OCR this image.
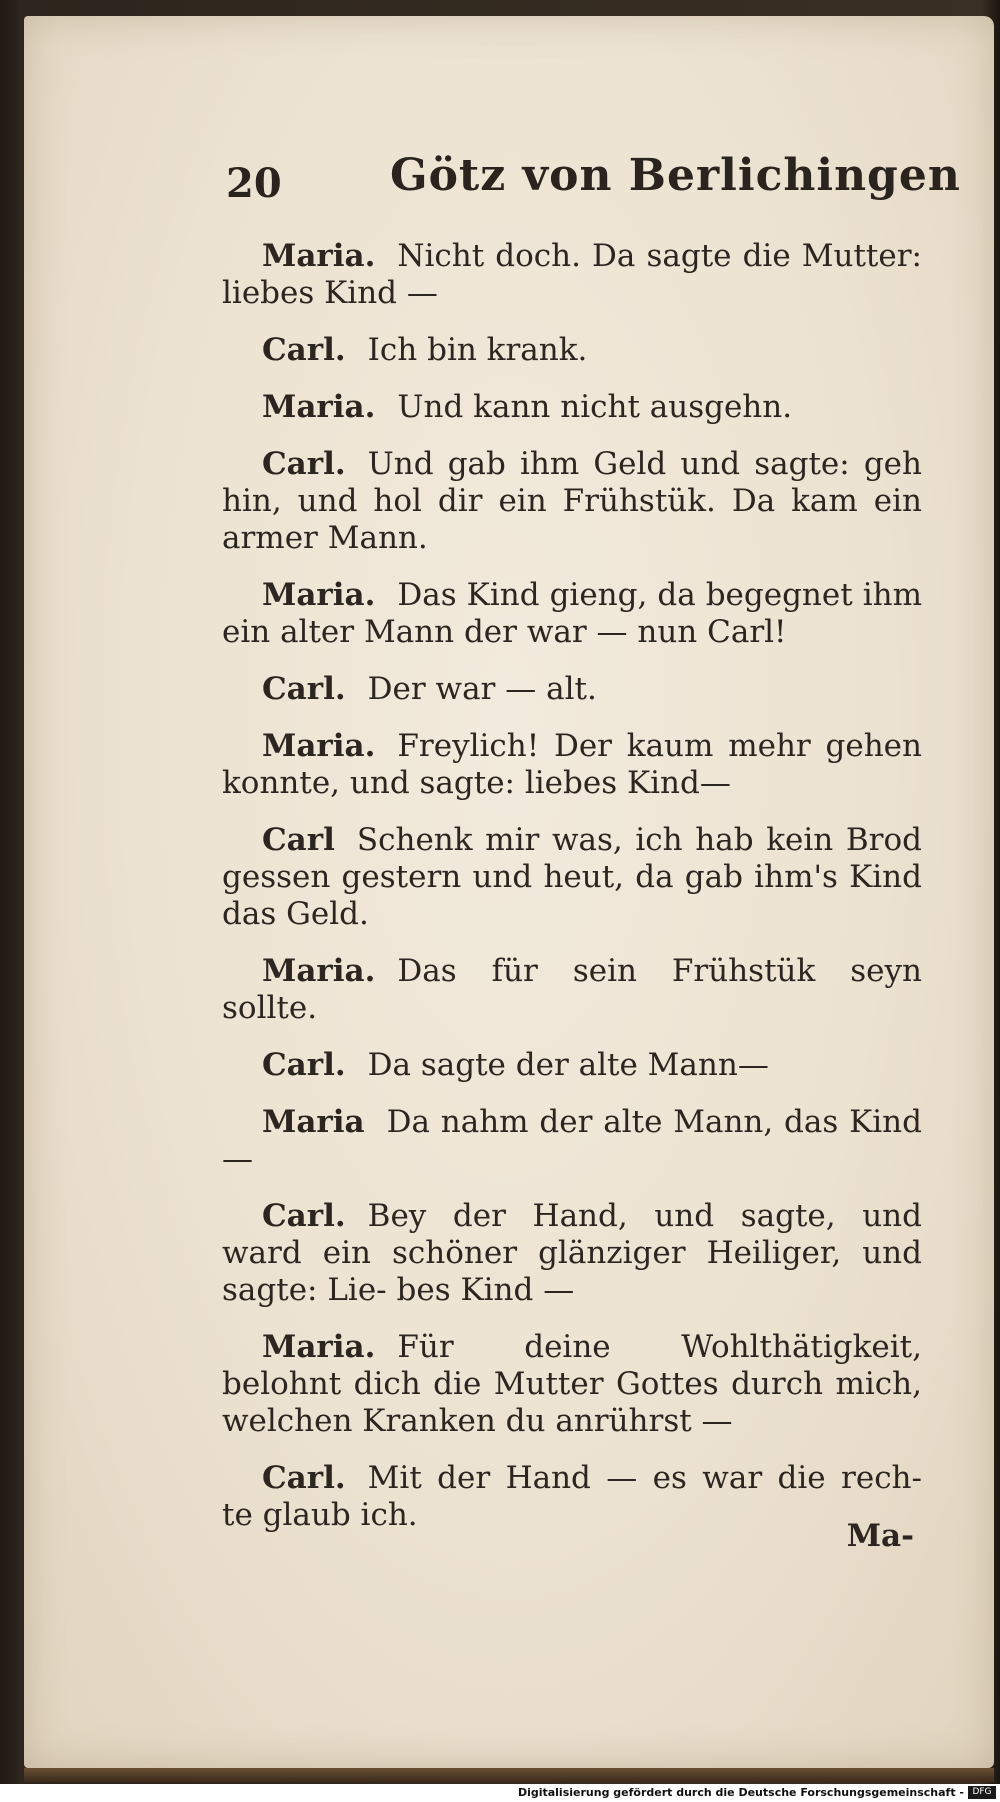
20 Götz von Berlichingen

Maria. Nicht doch. Da sagte die Mutter: liebes Kind —

Carl. Ich bin krank.

Maria. Und kann nicht ausgehn.

Carl. Und gab ihm Geld und sagte: geh hin, und hol dir ein Frühstük. Da kam ein armer Mann.

Maria. Das Kind gieng, da begegnet ihm ein alter Mann der war — nun Carl!

Carl. Der war — alt.

Maria. Freylich! Der kaum mehr gehen konnte, und sagte: liebes Kind—

Carl Schenk mir was, ich hab kein Brod gessen gestern und heut, da gab ihm's Kind das Geld.

Maria. Das für sein Frühstük seyn sollte.

Carl. Da sagte der alte Mann—

Maria Da nahm der alte Mann, das Kind —

Carl. Bey der Hand, und sagte, und ward ein schöner glänziger Heiliger, und sagte: Lie- bes Kind —

Maria. Für deine Wohlthätigkeit, belohnt dich die Mutter Gottes durch mich, welchen Kranken du anrührst —

Carl. Mit der Hand — es war die rech- te glaub ich.

Ma-
Digitalisierung gefördert durch die Deutsche Forschungsgemeinschaft - DFG
